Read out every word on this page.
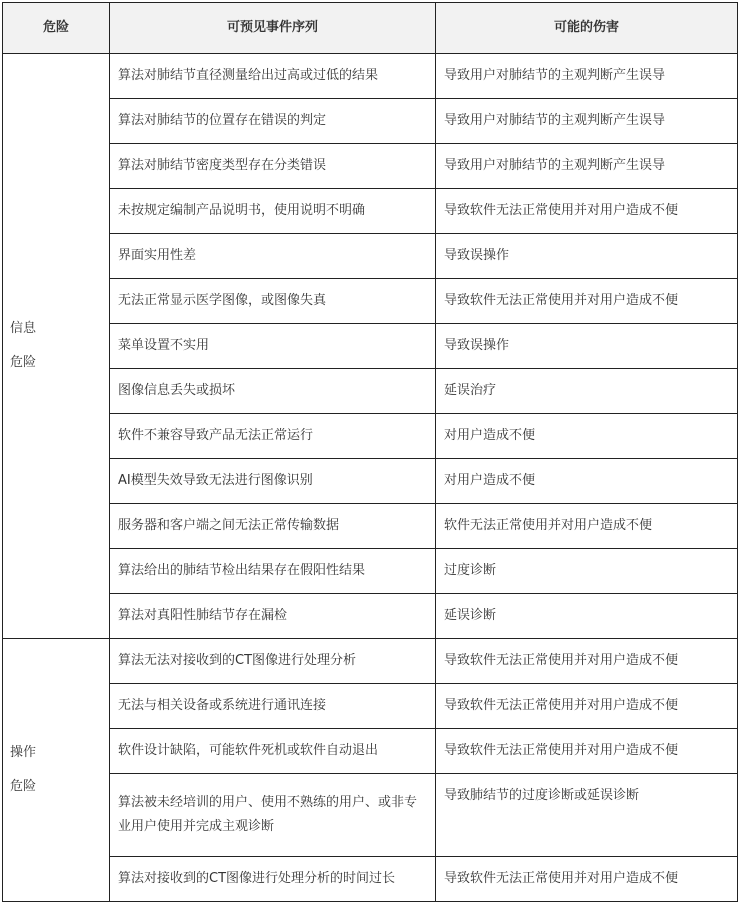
危险	可预见事件序列	可能的伤害

信息
危险	算法对肺结节直径测量给出过高或过低的结果	导致用户对肺结节的主观判断产生误导
	算法对肺结节的位置存在错误的判定	导致用户对肺结节的主观判断产生误导
	算法对肺结节密度类型存在分类错误	导致用户对肺结节的主观判断产生误导
	未按规定编制产品说明书，使用说明不明确	导致软件无法正常使用并对用户造成不便
	界面实用性差	导致误操作
	无法正常显示医学图像，或图像失真	导致软件无法正常使用并对用户造成不便
	菜单设置不实用	导致误操作
	图像信息丢失或损坏	延误治疗
	软件不兼容导致产品无法正常运行	对用户造成不便
	AI模型失效导致无法进行图像识别	对用户造成不便
	服务器和客户端之间无法正常传输数据	软件无法正常使用并对用户造成不便
	算法给出的肺结节检出结果存在假阳性结果	过度诊断
	算法对真阳性肺结节存在漏检	延误诊断

操作
危险	算法无法对接收到的CT图像进行处理分析	导致软件无法正常使用并对用户造成不便
	无法与相关设备或系统进行通讯连接	导致软件无法正常使用并对用户造成不便
	软件设计缺陷，可能软件死机或软件自动退出	导致软件无法正常使用并对用户造成不便
	算法被未经培训的用户、使用不熟练的用户、或非专业用户使用并完成主观诊断	导致肺结节的过度诊断或延误诊断
	算法对接收到的CT图像进行处理分析的时间过长	导致软件无法正常使用并对用户造成不便
